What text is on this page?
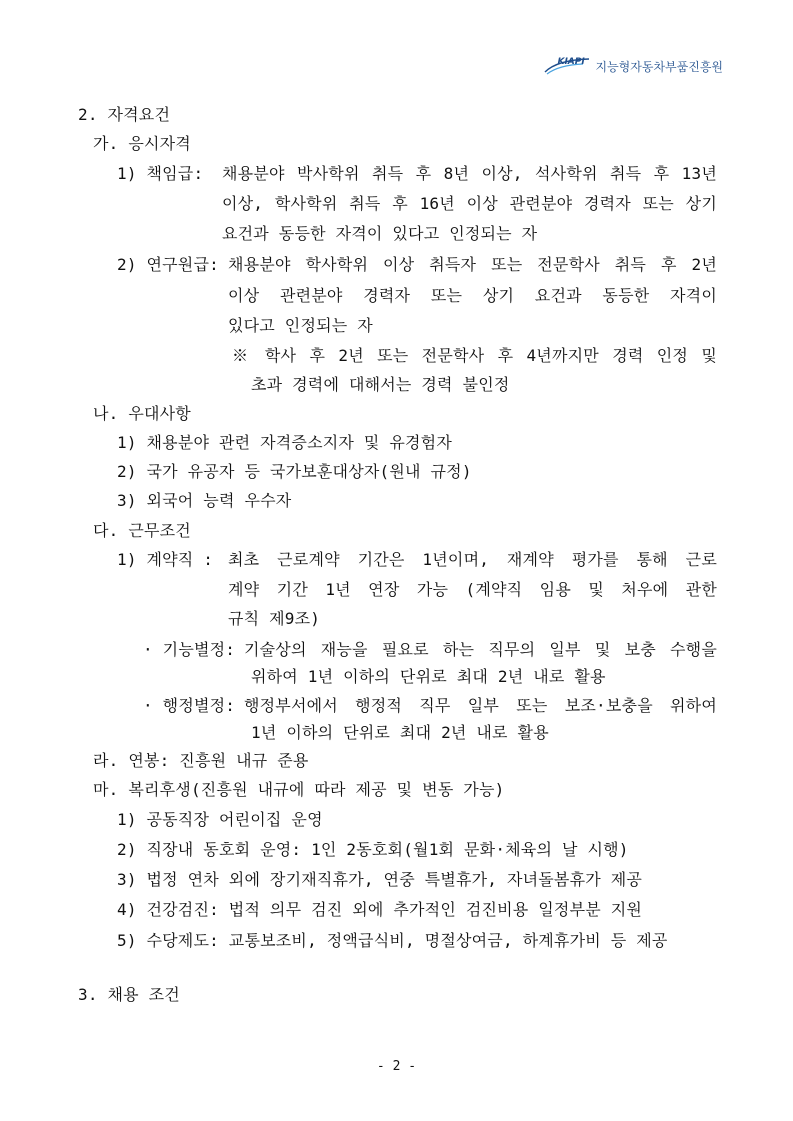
KIAPI 지능형자동차부품진흥원
2. 자격요건
가. 응시자격
1) 책임급: 채용분야 박사학위 취득 후 8년 이상, 석사학위 취득 후 13년
이상, 학사학위 취득 후 16년 이상 관련분야 경력자 또는 상기
요건과 동등한 자격이 있다고 인정되는 자
2) 연구원급: 채용분야 학사학위 이상 취득자 또는 전문학사 취득 후 2년
이상 관련분야 경력자 또는 상기 요건과 동등한 자격이
있다고 인정되는 자
※ 학사 후 2년 또는 전문학사 후 4년까지만 경력 인정 및
초과 경력에 대해서는 경력 불인정
나. 우대사항
1) 채용분야 관련 자격증소지자 및 유경험자
2) 국가 유공자 등 국가보훈대상자(원내 규정)
3) 외국어 능력 우수자
다. 근무조건
1) 계약직 : 최초 근로계약 기간은 1년이며, 재계약 평가를 통해 근로
계약 기간 1년 연장 가능 (계약직 임용 및 처우에 관한
규칙 제9조)
· 기능별정: 기술상의 재능을 필요로 하는 직무의 일부 및 보충 수행을
위하여 1년 이하의 단위로 최대 2년 내로 활용
· 행정별정: 행정부서에서 행정적 직무 일부 또는 보조·보충을 위하여
1년 이하의 단위로 최대 2년 내로 활용
라. 연봉: 진흥원 내규 준용
마. 복리후생(진흥원 내규에 따라 제공 및 변동 가능)
1) 공동직장 어린이집 운영
2) 직장내 동호회 운영: 1인 2동호회(월1회 문화·체육의 날 시행)
3) 법정 연차 외에 장기재직휴가, 연중 특별휴가, 자녀돌봄휴가 제공
4) 건강검진: 법적 의무 검진 외에 추가적인 검진비용 일정부분 지원
5) 수당제도: 교통보조비, 정액급식비, 명절상여금, 하계휴가비 등 제공
3. 채용 조건
- 2 -
